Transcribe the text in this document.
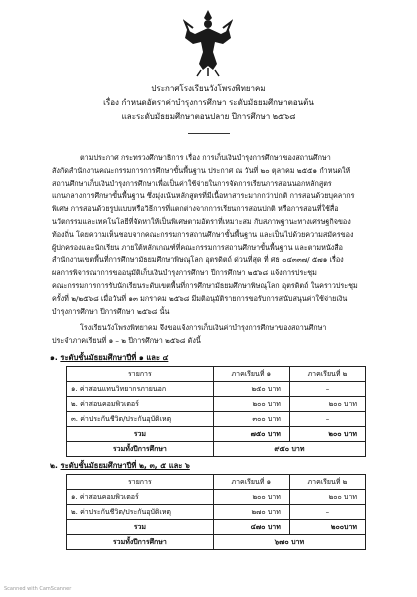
ประกาศโรงเรียนวังโพรงพิทยาคม
เรื่อง กำหนดอัตราค่าบำรุงการศึกษา ระดับมัธยมศึกษาตอนต้น
และระดับมัธยมศึกษาตอนปลาย ปีการศึกษา ๒๕๖๘
ตามประกาศ กระทรวงศึกษาธิการ เรื่อง การเก็บเงินบำรุงการศึกษาของสถานศึกษา
สังกัดสำนักงานคณะกรรมการการศึกษาขั้นพื้นฐาน ประกาศ ณ วันที่ ๒๐ ตุลาคม ๒๕๕๑ กำหนดให้
สถานศึกษาเก็บเงินบำรุงการศึกษาเพื่อเป็นค่าใช้จ่ายในการจัดการเรียนการสอนนอกหลักสูตร
แกนกลางการศึกษาขั้นพื้นฐาน ซึ่งมุ่งเน้นหลักสูตรที่มีเนื้อหาสาระมากกว่าปกติ การสอนด้วยบุคลากร
พิเศษ การสอนด้วยรูปแบบหรือวิธีการที่แตกต่างจากการเรียนการสอนปกติ หรือการสอนที่ใช้สื่อ
นวัตกรรมและเทคโนโลยีที่จัดหาให้เป็นพิเศษตามอัตราที่เหมาะสม กับสภาพฐานะทางเศรษฐกิจของ
ท้องถิ่น โดยความเห็นชอบจากคณะกรรมการสถานศึกษาขั้นพื้นฐาน และเป็นไปด้วยความสมัครของ
ผู้ปกครองและนักเรียน ภายใต้หลักเกณฑ์ที่คณะกรรมการสถานศึกษาขั้นพื้นฐาน และตามหนังสือ
สำนักงานเขตพื้นที่การศึกษามัธยมศึกษาพิษณุโลก อุตรดิตถ์ ด่วนที่สุด ที่ ศธ ๐๔๓๓๗/ ๕๗๑ เรื่อง
ผลการพิจารณาการขออนุมัติเก็บเงินบำรุงการศึกษา ปีการศึกษา ๒๕๖๘ แจ้งการประชุม
คณะกรรมการการรับนักเรียนระดับเขตพื้นที่การศึกษามัธยมศึกษาพิษณุโลก อุตรดิตถ์ ในคราวประชุม
ครั้งที่ ๒/๒๕๖๘ เมื่อวันที่ ๑๓ มกราคม ๒๕๖๘ มีมติอนุมัติรายการขอรับการสนับสนุนค่าใช้จ่ายเงิน
บำรุงการศึกษา ปีการศึกษา ๒๕๖๘ นั้น
โรงเรียนวังโพรงพิทยาคม จึงขอแจ้งการเก็บเงินค่าบำรุงการศึกษาของสถานศึกษา
ประจำภาคเรียนที่ ๑ – ๒ ปีการศึกษา ๒๕๖๘ ดังนี้
๑. ระดับชั้นมัธยมศึกษาปีที่ ๑ และ ๔
รายการ	ภาคเรียนที่ ๑	ภาคเรียนที่ ๒
๑. ค่าสอนแทนวิทยากรภายนอก	๒๕๐ บาท	–
๒. ค่าสอนคอมพิวเตอร์	๒๐๐ บาท	๒๐๐ บาท
๓. ค่าประกันชีวิต/ประกันอุบัติเหตุ	๓๐๐ บาท	–
รวม	๗๕๐ บาท	๒๐๐ บาท
รวมทั้งปีการศึกษา	๙๕๐ บาท	
๒. ระดับชั้นมัธยมศึกษาปีที่ ๒, ๓, ๕ และ ๖
รายการ	ภาคเรียนที่ ๑	ภาคเรียนที่ ๒
๑. ค่าสอนคอมพิวเตอร์	๒๐๐ บาท	๒๐๐ บาท
๒. ค่าประกันชีวิต/ประกันอุบัติเหตุ	๒๗๐ บาท	–
รวม	๔๗๐ บาท	๒๐๐บาท
รวมทั้งปีการศึกษา	๖๗๐ บาท	
Scanned with CamScanner
